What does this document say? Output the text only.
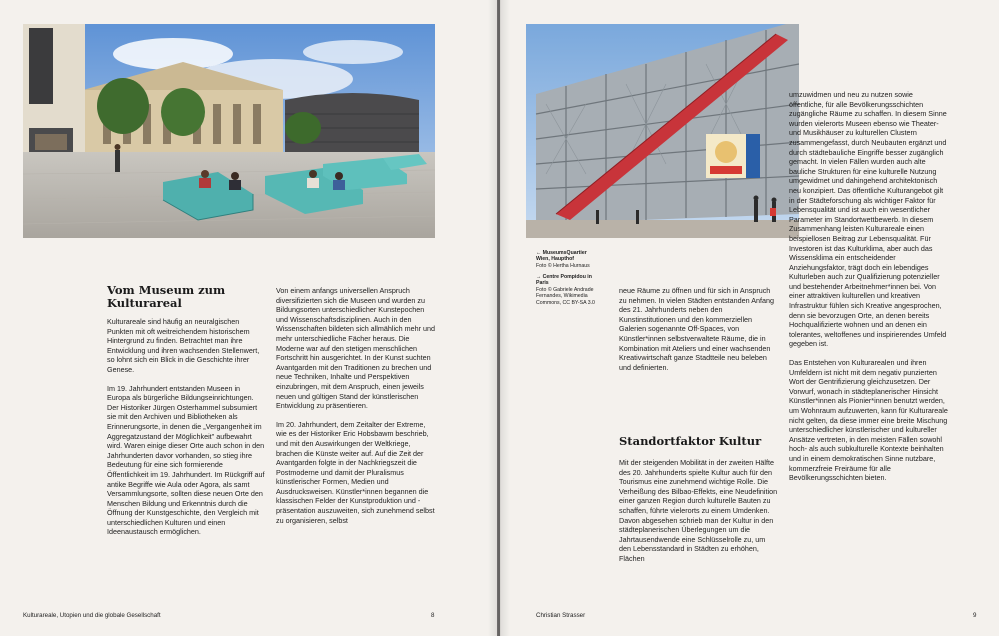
Vom Museum zum Kulturareal

Kulturareale sind häufig an neuralgischen Punkten mit oft weitreichendem historischem Hintergrund zu finden. Betrachtet man ihre Entwicklung und ihren wachsenden Stellenwert, so lohnt sich ein Blick in die Geschichte ihrer Genese.

Im 19. Jahrhundert entstanden Museen in Europa als bürgerliche Bildungseinrichtungen. Der Historiker Jürgen Osterhammel subsumiert sie mit den Archiven und Bibliotheken als Erinnerungsorte, in denen die „Vergangenheit im Aggregatzustand der Möglichkeit" aufbewahrt wird. Waren einige dieser Orte auch schon in den Jahrhunderten davor vorhanden, so stieg ihre Bedeutung für eine sich formierende Öffentlichkeit im 19. Jahrhundert. Im Rückgriff auf antike Begriffe wie Aula oder Agora, als samt Versammlungsorte, sollten diese neuen Orte den Menschen Bildung und Erkenntnis durch die Öffnung der Kunstgeschichte, den Vergleich mit unterschiedlichen Kulturen und einen Ideenaustausch ermöglichen.

Von einem anfangs universellen Anspruch diversifizierten sich die Museen und wurden zu Bildungsorten unterschiedlicher Kunstepochen und Wissenschaftsdisziplinen. Auch in den Wissenschaften bildeten sich allmählich mehr und mehr unterschiedliche Fächer heraus. Die Moderne war auf den stetigen menschlichen Fortschritt hin ausgerichtet. In der Kunst suchten Avantgarden mit den Traditionen zu brechen und neue Techniken, Inhalte und Perspektiven einzubringen, mit dem Anspruch, einen jeweils neuen und gültigen Stand der künstlerischen Entwicklung zu präsentieren.

Im 20. Jahrhundert, dem Zeitalter der Extreme, wie es der Historiker Eric Hobsbawm beschrieb, und mit den Auswirkungen der Weltkriege, brachen die Künste weiter auf. Auf die Zeit der Avantgarden folgte in der Nachkriegszeit die Postmoderne und damit der Pluralismus künstlerischer Formen, Medien und Ausdrucksweisen. Künstler*innen begannen die klassischen Felder der Kunstproduktion und -präsentation auszuweiten, sich zunehmend selbst zu organisieren, selbst

Kulturareale, Utopien und die globale Gesellschaft	8
← MuseumsQuartier Wien, Haupthof
Foto © Hertha Hurnaus
→ Centre Pompidou in Paris
Foto © Gabriele Andrade Fernandes, Wikimedia Commons, CC BY-SA 3.0

neue Räume zu öffnen und für sich in Anspruch zu nehmen. In vielen Städten entstanden Anfang des 21. Jahrhunderts neben den Kunstinstitutionen und den kommerziellen Galerien sogenannte Off-Spaces, von Künstler*innen selbstverwaltete Räume, die in Kombination mit Ateliers und einer wachsenden Kreativwirtschaft ganze Stadtteile neu beleben und definierten.

Standortfaktor Kultur

Mit der steigenden Mobilität in der zweiten Hälfte des 20. Jahrhunderts spielte Kultur auch für den Tourismus eine zunehmend wichtige Rolle. Die Verheißung des Bilbao-Effekts, eine Neudefinition einer ganzen Region durch kulturelle Bauten zu schaffen, führte vielerorts zu einem Umdenken. Davon abgesehen schrieb man der Kultur in den städteplanerischen Überlegungen um die Jahrtausendwende eine Schlüsselrolle zu, um den Lebensstandard in Städten zu erhöhen, Flächen

umzuwidmen und neu zu nutzen sowie öffentliche, für alle Bevölkerungsschichten zugängliche Räume zu schaffen. In diesem Sinne wurden vielerorts Museen ebenso wie Theater- und Musikhäuser zu kulturellen Clustern zusammengefasst, durch Neubauten ergänzt und durch städtebauliche Eingriffe besser zugänglich gemacht. In vielen Fällen wurden auch alte bauliche Strukturen für eine kulturelle Nutzung umgewidmet und dahingehend architektonisch neu konzipiert. Das öffentliche Kulturangebot gilt in der Städteforschung als wichtiger Faktor für Lebensqualität und ist auch ein wesentlicher Parameter im Standortwettbewerb. In diesem Zusammenhang leisten Kulturareale einen beispiellosen Beitrag zur Lebensqualität. Für Investoren ist das Kulturklima, aber auch das Wissensklima ein entscheidender Anziehungsfaktor, trägt doch ein lebendiges Kulturleben auch zur Qualifizierung potenzieller und bestehender Arbeitnehmer*innen bei. Von einer attraktiven kulturellen und kreativen Infrastruktur fühlen sich Kreative angesprochen, denn sie bevorzugen Orte, an denen bereits Hochqualifizierte wohnen und an denen ein tolerantes, weltoffenes und inspirierendes Umfeld gegeben ist.

Das Entstehen von Kulturarealen und ihren Umfeldern ist nicht mit dem negativ punzierten Wort der Gentrifizierung gleichzusetzen. Der Vorwurf, wonach in städteplanerischer Hinsicht Künstler*innen als Pionier*innen benutzt werden, um Wohnraum aufzuwerten, kann für Kulturareale nicht gelten, da diese immer eine breite Mischung unterschiedlicher künstlerischer und kultureller Ansätze vertreten, in den meisten Fällen sowohl hoch- als auch subkulturelle Kontexte beinhalten und in einem demokratischen Sinne nutzbare, kommerzfreie Freiräume für alle Bevölkerungsschichten bieten.

Christian Strasser	9
